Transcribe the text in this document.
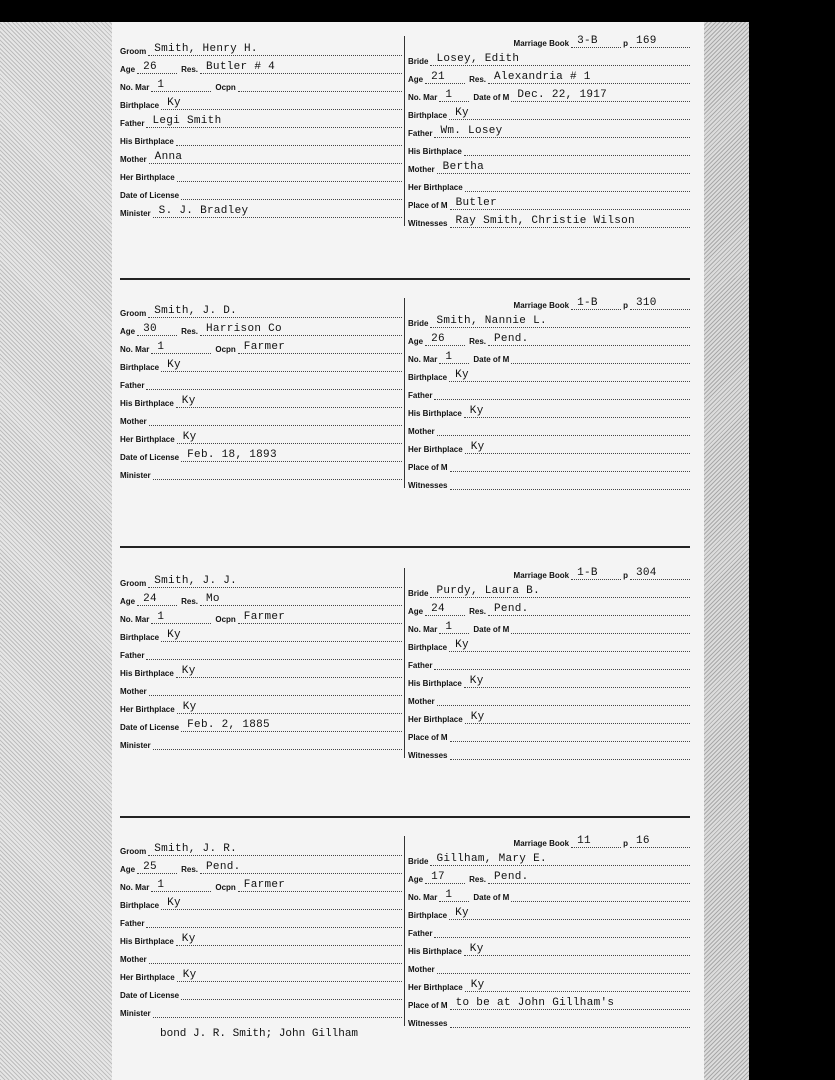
Groom Smith, Henry H.
Age 26	Res. Butler # 4
No. Mar 1	Ocpn
Birthplace Ky
Father Legi Smith
His Birthplace
Mother Anna
Her Birthplace
Date of License
Minister S. J. Bradley
Marriage Book 3-B	p 169
Bride Losey, Edith
Age 21	Res. Alexandria # 1
No. Mar 1	Date of M Dec. 22, 1917
Birthplace Ky
Father Wm. Losey
His Birthplace
Mother Bertha
Her Birthplace
Place of M Butler
Witnesses Ray Smith, Christie Wilson
Groom Smith, J. D.
Age 30	Res. Harrison Co
No. Mar 1	Ocpn Farmer
Birthplace Ky
Father
His Birthplace Ky
Mother
Her Birthplace Ky
Date of License Feb. 18, 1893
Minister
Marriage Book 1-B	p 310
Bride Smith, Nannie L.
Age 26	Res. Pend.
No. Mar 1	Date of M
Birthplace Ky
Father
His Birthplace Ky
Mother
Her Birthplace Ky
Place of M
Witnesses
Groom Smith, J. J.
Age 24	Res. Mo
No. Mar 1	Ocpn Farmer
Birthplace Ky
Father
His Birthplace Ky
Mother
Her Birthplace Ky
Date of License Feb. 2, 1885
Minister
Marriage Book 1-B	p 304
Bride Purdy, Laura B.
Age 24	Res. Pend.
No. Mar 1	Date of M
Birthplace Ky
Father
His Birthplace Ky
Mother
Her Birthplace Ky
Place of M
Witnesses
Groom Smith, J. R.
Age 25	Res. Pend.
No. Mar 1	Ocpn Farmer
Birthplace Ky
Father
His Birthplace Ky
Mother
Her Birthplace Ky
Date of License
Minister
Marriage Book 11	p 16
Bride Gillham, Mary E.
Age 17	Res. Pend.
No. Mar 1	Date of M
Birthplace Ky
Father
His Birthplace Ky
Mother
Her Birthplace Ky
Place of M to be at John Gillham's
Witnesses
bond J. R. Smith; John Gillham
